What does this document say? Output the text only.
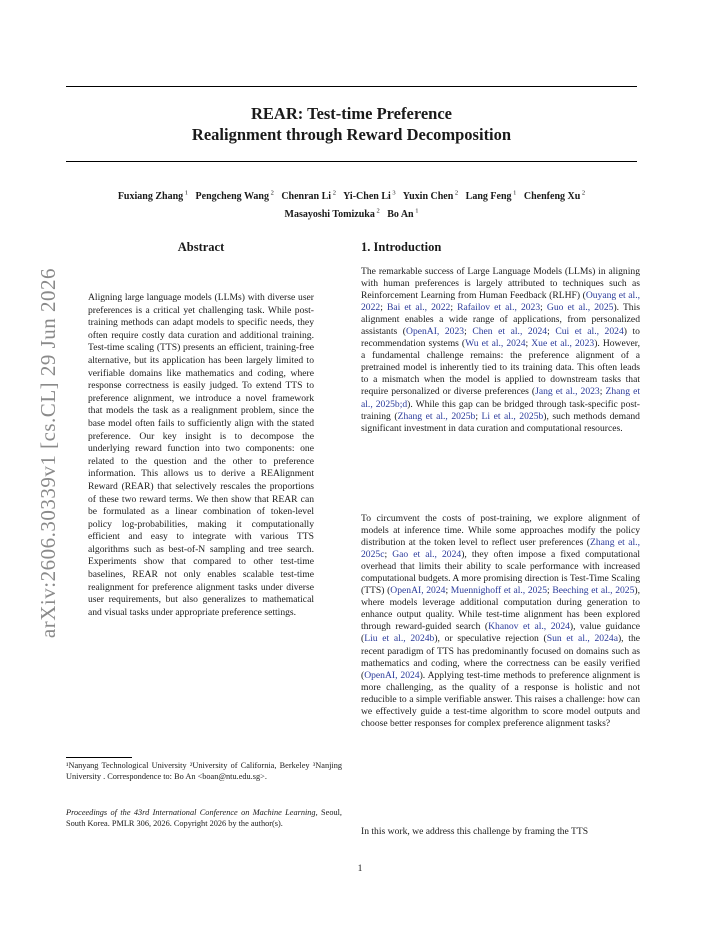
REAR: Test-time Preference
Realignment through Reward Decomposition
Fuxiang Zhang $^1$ Pengcheng Wang $^2$ Chenran Li $^2$ Yi-Chen Li $^3$ Yuxin Chen $^2$ Lang Feng $^1$ Chenfeng Xu $^2$
Masayoshi Tomizuka $^2$ Bo An $^1$
arXiv:2606.30339v1 [cs.CL] 29 Jun 2026
Abstract
Aligning large language models (LLMs) with diverse user preferences is a critical yet challenging task. While post-training methods can adapt models to specific needs, they often require costly data curation and additional training. Test-time scaling (TTS) presents an efficient, training-free alternative, but its application has been largely limited to verifiable domains like mathematics and coding, where response correctness is easily judged. To extend TTS to preference alignment, we introduce a novel framework that models the task as a realignment problem, since the base model often fails to sufficiently align with the stated preference. Our key insight is to decompose the underlying reward function into two components: one related to the question and the other to preference information. This allows us to derive a REAlignment Reward (REAR) that selectively rescales the proportions of these two reward terms. We then show that REAR can be formulated as a linear combination of token-level policy log-probabilities, making it computationally efficient and easy to integrate with various TTS algorithms such as best-of-N sampling and tree search. Experiments show that compared to other test-time baselines, REAR not only enables scalable test-time realignment for preference alignment tasks under diverse user requirements, but also generalizes to mathematical and visual tasks under appropriate preference settings.
1. Introduction
The remarkable success of Large Language Models (LLMs) in aligning with human preferences is largely attributed to techniques such as Reinforcement Learning from Human Feedback (RLHF) (Ouyang et al., 2022; Bai et al., 2022; Rafailov et al., 2023; Guo et al., 2025). This alignment enables a wide range of applications, from personalized assistants (OpenAI, 2023; Chen et al., 2024; Cui et al., 2024) to recommendation systems (Wu et al., 2024; Xue et al., 2023). However, a fundamental challenge remains: the preference alignment of a pretrained model is inherently tied to its training data. This often leads to a mismatch when the model is applied to downstream tasks that require personalized or diverse preferences (Jang et al., 2023; Zhang et al., 2025b;d). While this gap can be bridged through task-specific post-training (Zhang et al., 2025b; Li et al., 2025b), such methods demand significant investment in data curation and computational resources.
To circumvent the costs of post-training, we explore alignment of models at inference time. While some approaches modify the policy distribution at the token level to reflect user preferences (Zhang et al., 2025c; Gao et al., 2024), they often impose a fixed computational overhead that limits their ability to scale performance with increased computational budgets. A more promising direction is Test-Time Scaling (TTS) (OpenAI, 2024; Muennighoff et al., 2025; Beeching et al., 2025), where models leverage additional computation during generation to enhance output quality. While test-time alignment has been explored through reward-guided search (Khanov et al., 2024), value guidance (Liu et al., 2024b), or speculative rejection (Sun et al., 2024a), the recent paradigm of TTS has predominantly focused on domains such as mathematics and coding, where the correctness can be easily verified (OpenAI, 2024). Applying test-time methods to preference alignment is more challenging, as the quality of a response is holistic and not reducible to a simple verifiable answer. This raises a challenge: how can we effectively guide a test-time algorithm to score model outputs and choose better responses for complex preference alignment tasks?
In this work, we address this challenge by framing the TTS
¹Nanyang Technological University ²University of California, Berkeley ³Nanjing University . Correspondence to: Bo An <boan@ntu.edu.sg>.
Proceedings of the 43rd International Conference on Machine Learning, Seoul, South Korea. PMLR 306, 2026. Copyright 2026 by the author(s).
1
